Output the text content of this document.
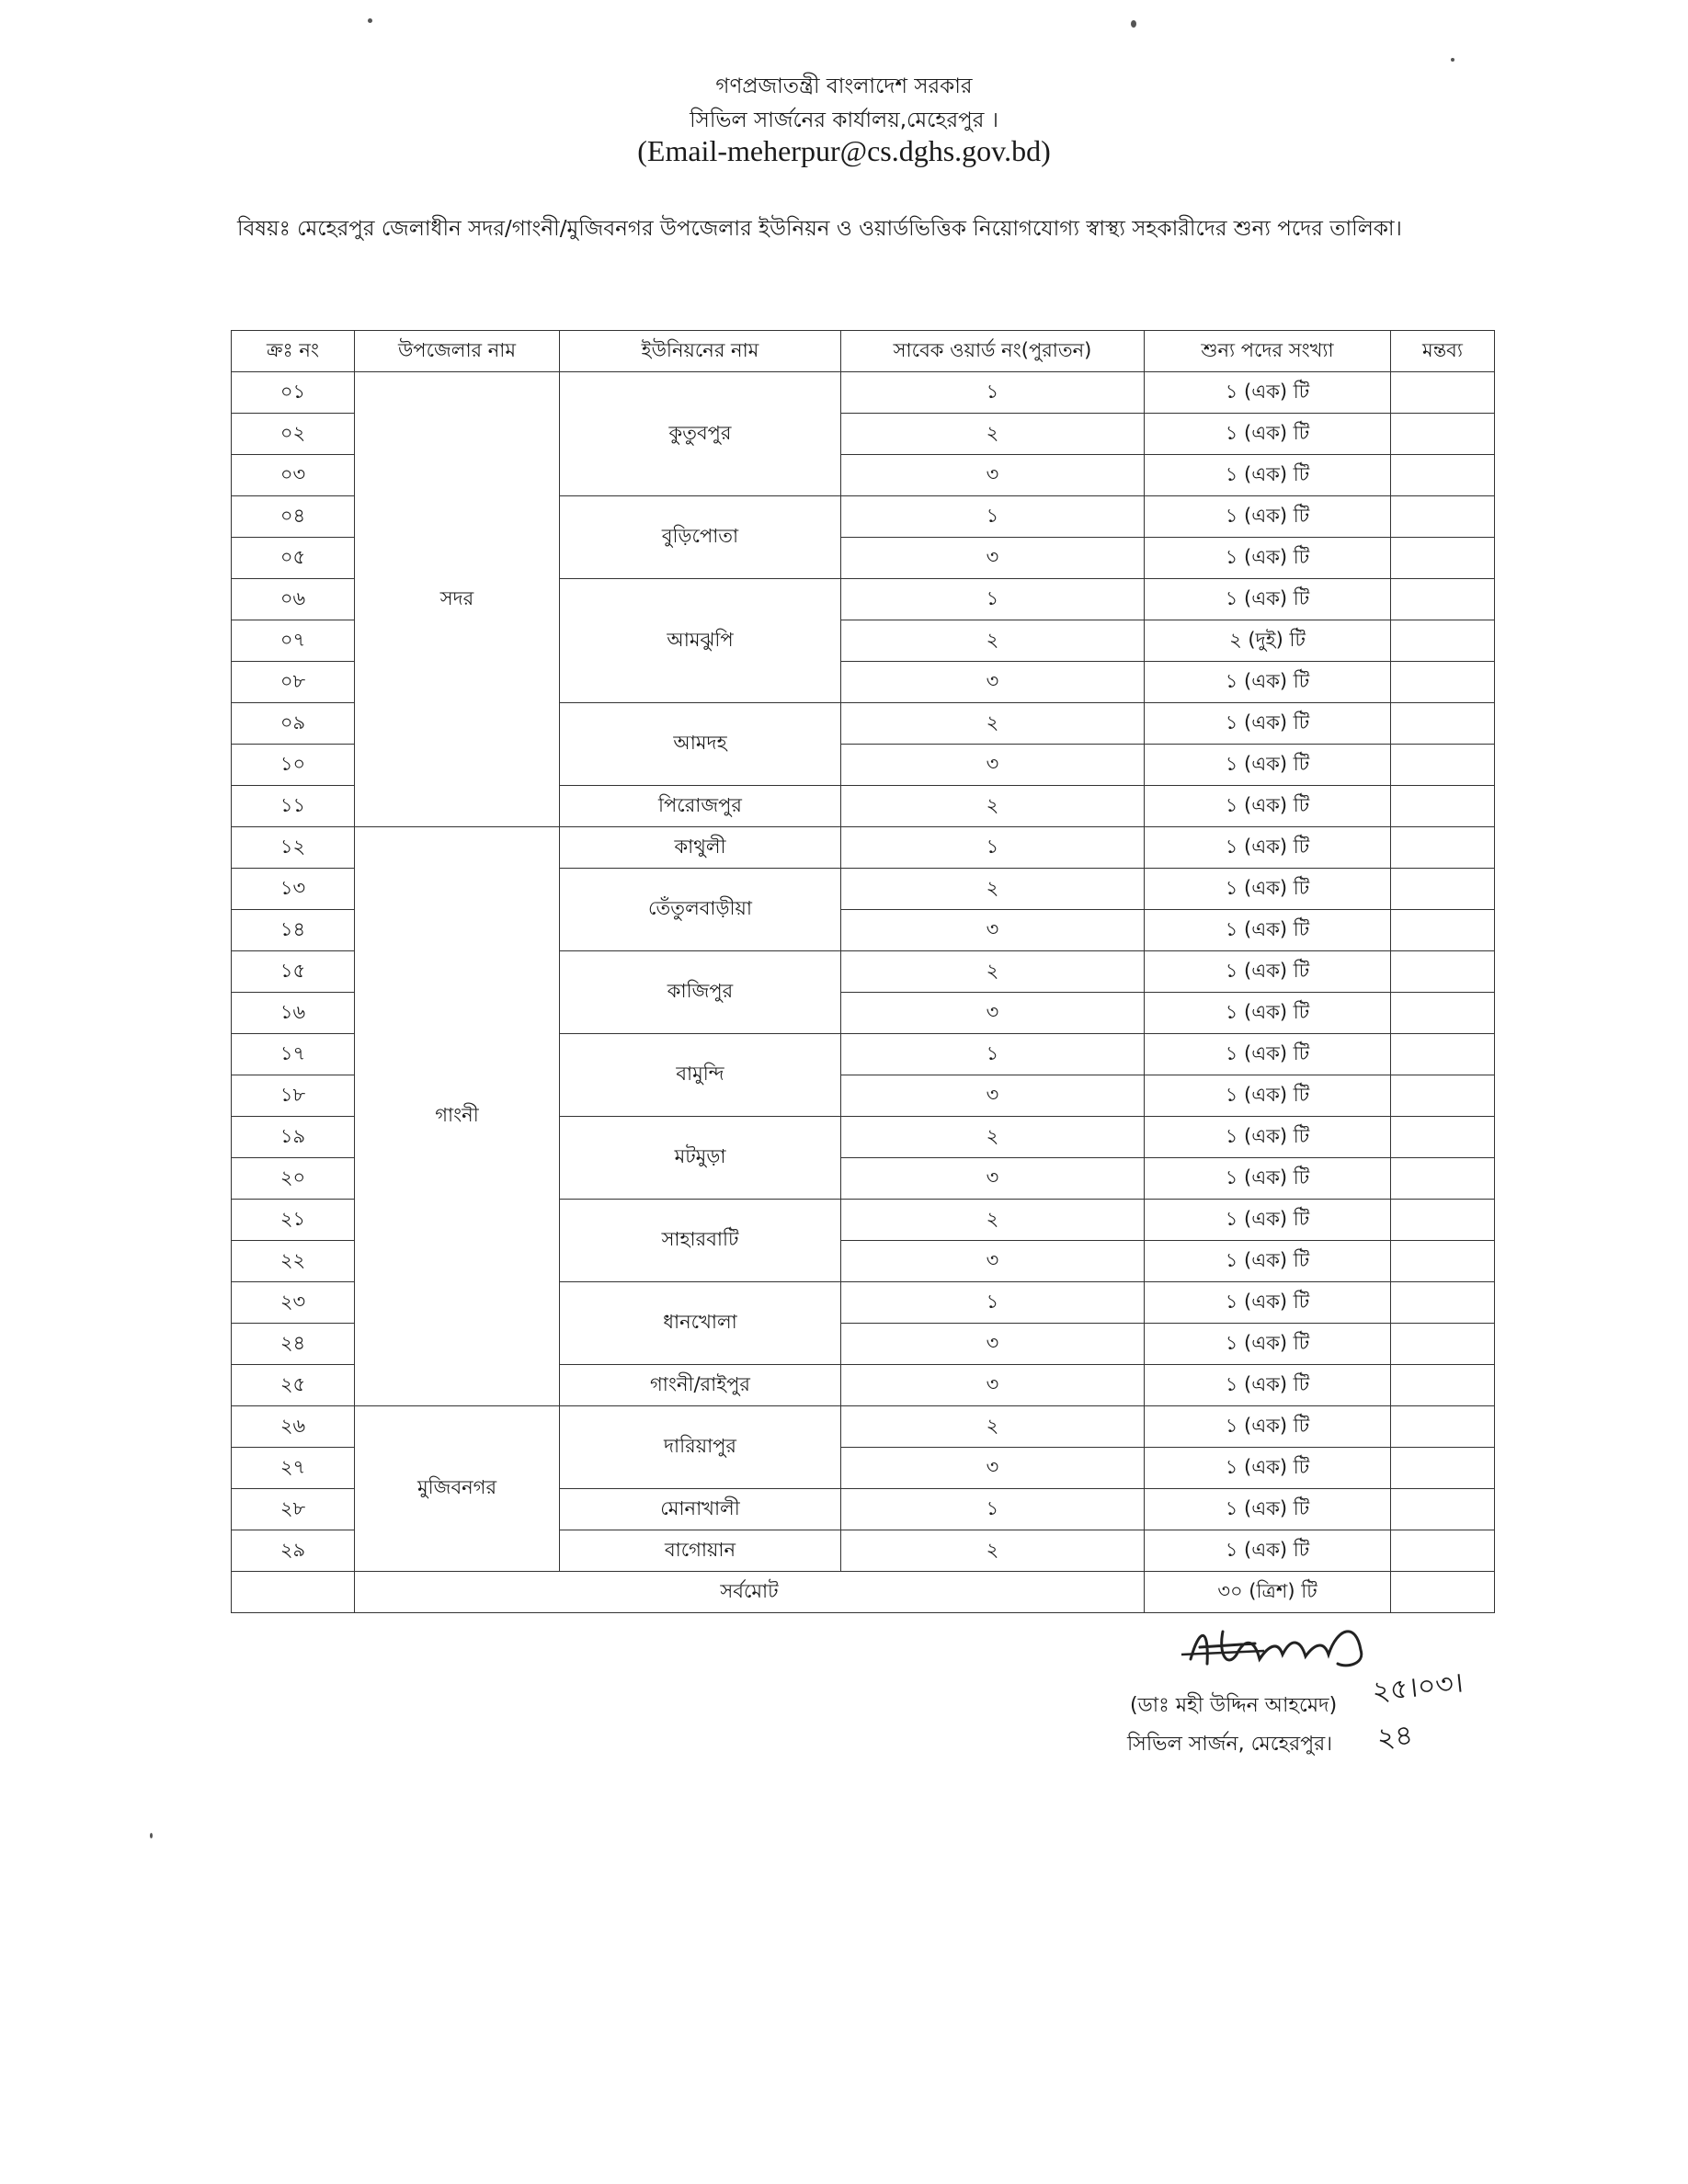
গণপ্রজাতন্ত্রী বাংলাদেশ সরকার
সিভিল সার্জনের কার্যালয়,মেহেরপুর ।
(Email-meherpur@cs.dghs.gov.bd)
বিষয়ঃ মেহেরপুর জেলাধীন সদর/গাংনী/মুজিবনগর উপজেলার ইউনিয়ন ও ওয়ার্ডভিত্তিক নিয়োগযোগ্য স্বাস্থ্য সহকারীদের শুন্য পদের তালিকা।
ক্রঃ নং	উপজেলার নাম	ইউনিয়নের নাম	সাবেক ওয়ার্ড নং(পুরাতন)	শুন্য পদের সংখ্যা	মন্তব্য
০১	সদর	কুতুবপুর	১	১ (এক) টি	
০২			২	১ (এক) টি	
০৩			৩	১ (এক) টি	
০৪		বুড়িপোতা	১	১ (এক) টি	
০৫			৩	১ (এক) টি	
০৬		আমঝুপি	১	১ (এক) টি	
০৭			২	২ (দুই) টি	
০৮			৩	১ (এক) টি	
০৯		আমদহ	২	১ (এক) টি	
১০			৩	১ (এক) টি	
১১		পিরোজপুর	২	১ (এক) টি	
১২	গাংনী	কাথুলী	১	১ (এক) টি	
১৩		তেঁতুলবাড়ীয়া	২	১ (এক) টি	
১৪			৩	১ (এক) টি	
১৫		কাজিপুর	২	১ (এক) টি	
১৬			৩	১ (এক) টি	
১৭		বামুন্দি	১	১ (এক) টি	
১৮			৩	১ (এক) টি	
১৯		মটমুড়া	২	১ (এক) টি	
২০			৩	১ (এক) টি	
২১		সাহারবাটি	২	১ (এক) টি	
২২			৩	১ (এক) টি	
২৩		ধানখোলা	১	১ (এক) টি	
২৪			৩	১ (এক) টি	
২৫		গাংনী/রাইপুর	৩	১ (এক) টি	
২৬	মুজিবনগর	দারিয়াপুর	২	১ (এক) টি	
২৭			৩	১ (এক) টি	
২৮		মোনাখালী	১	১ (এক) টি	
২৯		বাগোয়ান	২	১ (এক) টি	
	সর্বমোট			৩০ (ত্রিশ) টি	
২৫।০৩।২৪
(ডাঃ মহী উদ্দিন আহমেদ)
সিভিল সার্জন, মেহেরপুর।
